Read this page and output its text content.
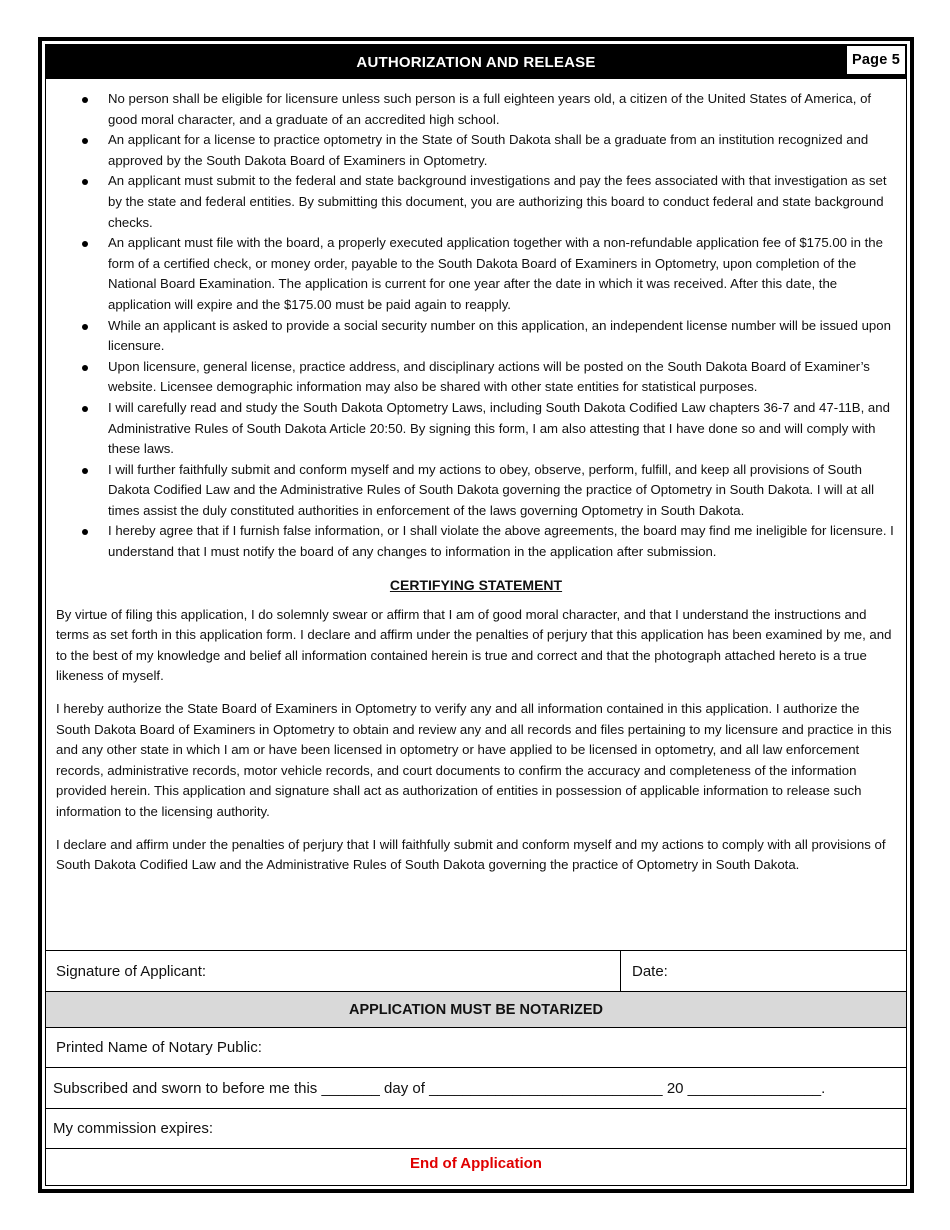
AUTHORIZATION AND RELEASE	Page 5
No person shall be eligible for licensure unless such person is a full eighteen years old, a citizen of the United States of America, of good moral character, and a graduate of an accredited high school.
An applicant for a license to practice optometry in the State of South Dakota shall be a graduate from an institution recognized and approved by the South Dakota Board of Examiners in Optometry.
An applicant must submit to the federal and state background investigations and pay the fees associated with that investigation as set by the state and federal entities. By submitting this document, you are authorizing this board to conduct federal and state background checks.
An applicant must file with the board, a properly executed application together with a non-refundable application fee of $175.00 in the form of a certified check, or money order, payable to the South Dakota Board of Examiners in Optometry, upon completion of the National Board Examination. The application is current for one year after the date in which it was received. After this date, the application will expire and the $175.00 must be paid again to reapply.
While an applicant is asked to provide a social security number on this application, an independent license number will be issued upon licensure.
Upon licensure, general license, practice address, and disciplinary actions will be posted on the South Dakota Board of Examiner’s website. Licensee demographic information may also be shared with other state entities for statistical purposes.
I will carefully read and study the South Dakota Optometry Laws, including South Dakota Codified Law chapters 36-7 and 47-11B, and Administrative Rules of South Dakota Article 20:50. By signing this form, I am also attesting that I have done so and will comply with these laws.
I will further faithfully submit and conform myself and my actions to obey, observe, perform, fulfill, and keep all provisions of South Dakota Codified Law and the Administrative Rules of South Dakota governing the practice of Optometry in South Dakota. I will at all times assist the duly constituted authorities in enforcement of the laws governing Optometry in South Dakota.
I hereby agree that if I furnish false information, or I shall violate the above agreements, the board may find me ineligible for licensure. I understand that I must notify the board of any changes to information in the application after submission.
CERTIFYING STATEMENT

By virtue of filing this application, I do solemnly swear or affirm that I am of good moral character, and that I understand the instructions and terms as set forth in this application form. I declare and affirm under the penalties of perjury that this application has been examined by me, and to the best of my knowledge and belief all information contained herein is true and correct and that the photograph attached hereto is a true likeness of myself.

I hereby authorize the State Board of Examiners in Optometry to verify any and all information contained in this application. I authorize the South Dakota Board of Examiners in Optometry to obtain and review any and all records and files pertaining to my licensure and practice in this and any other state in which I am or have been licensed in optometry or have applied to be licensed in optometry, and all law enforcement records, administrative records, motor vehicle records, and court documents to confirm the accuracy and completeness of the information provided herein. This application and signature shall act as authorization of entities in possession of applicable information to release such information to the licensing authority.

I declare and affirm under the penalties of perjury that I will faithfully submit and conform myself and my actions to comply with all provisions of South Dakota Codified Law and the Administrative Rules of South Dakota governing the practice of Optometry in South Dakota.

Signature of Applicant:	Date:
APPLICATION MUST BE NOTARIZED
Printed Name of Notary Public:
Subscribed and sworn to before me this _______ day of ____________________________ 20 ________________.
My commission expires:
End of Application
